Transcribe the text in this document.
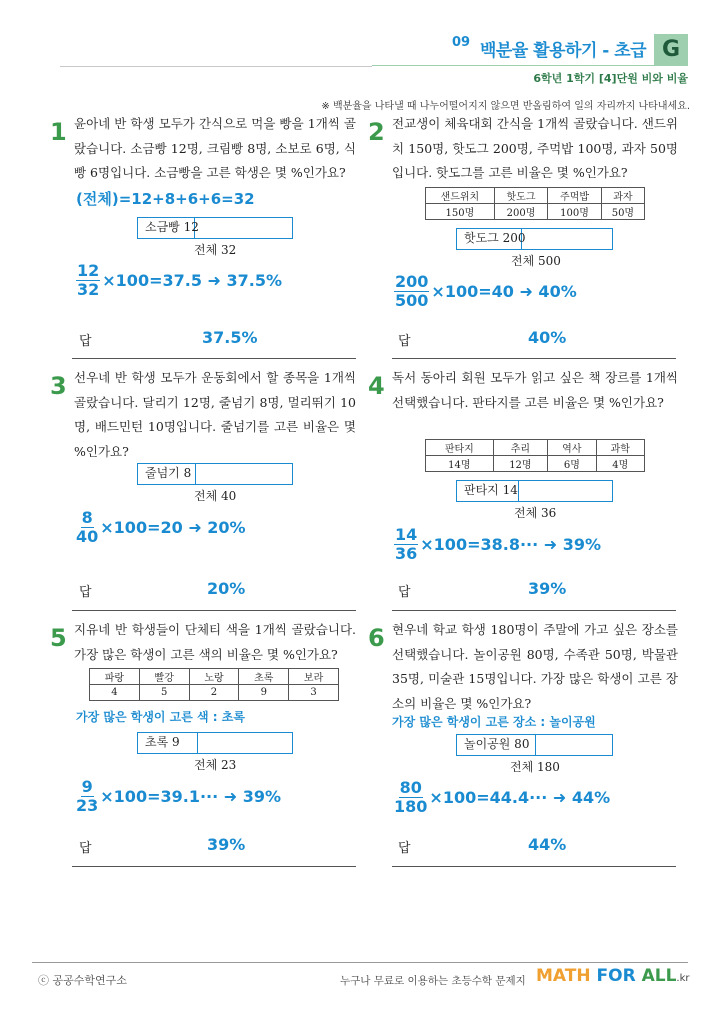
09 백분율 활용하기 - 초급 G
6학년 1학기 [4]단원 비와 비율
※ 백분율을 나타낼 때 나누어떨어지지 않으면 반올림하여 일의 자리까지 나타내세요.
1 윤아네 반 학생 모두가 간식으로 먹을 빵을 1개씩 골랐습니다. 소금빵 12명, 크림빵 8명, 소보로 6명, 식빵 6명입니다. 소금빵을 고른 학생은 몇 %인가요?
(전체)=12+8+6+6=32
소금빵 12
전체 32
$\frac{12}{32} \times 100=37.5$ ➜ 37.5%
답	37.5%
2 전교생이 체육대회 간식을 1개씩 골랐습니다. 샌드위치 150명, 핫도그 200명, 주먹밥 100명, 과자 50명입니다. 핫도그를 고른 비율은 몇 %인가요?
샌드위치	핫도그	주먹밥	과자
150명	200명	100명	50명
핫도그 200
전체 500
$\frac{200}{500} \times 100=40$ ➜ 40%
답	40%
3 선우네 반 학생 모두가 운동회에서 할 종목을 1개씩 골랐습니다. 달리기 12명, 줄넘기 8명, 멀리뛰기 10명, 배드민턴 10명입니다. 줄넘기를 고른 비율은 몇 %인가요?
줄넘기 8
전체 40
$\frac{8}{40} \times 100=20$ ➜ 20%
답	20%
4 독서 동아리 회원 모두가 읽고 싶은 책 장르를 1개씩 선택했습니다. 판타지를 고른 비율은 몇 %인가요?
판타지	추리	역사	과학
14명	12명	6명	4명
판타지 14
전체 36
$\frac{14}{36} \times 100=38.8\cdot\cdot\cdot$ ➜ 39%
답	39%
5 지유네 반 학생들이 단체티 색을 1개씩 골랐습니다. 가장 많은 학생이 고른 색의 비율은 몇 %인가요?
파랑	빨강	노랑	초록	보라
4	5	2	9	3
가장 많은 학생이 고른 색 : 초록
초록 9
전체 23
$\frac{9}{23} \times 100=39.1\cdot\cdot\cdot$ ➜ 39%
답	39%
6 현우네 학교 학생 180명이 주말에 가고 싶은 장소를 선택했습니다. 놀이공원 80명, 수족관 50명, 박물관 35명, 미술관 15명입니다. 가장 많은 학생이 고른 장소의 비율은 몇 %인가요?
가장 많은 학생이 고른 장소 : 놀이공원
놀이공원 80
전체 180
$\frac{80}{180} \times 100=44.4\cdot\cdot\cdot$ ➜ 44%
답	44%
ⓒ 공공수학연구소	누구나 무료로 이용하는 초등수학 문제지 MATH FOR ALL.kr
